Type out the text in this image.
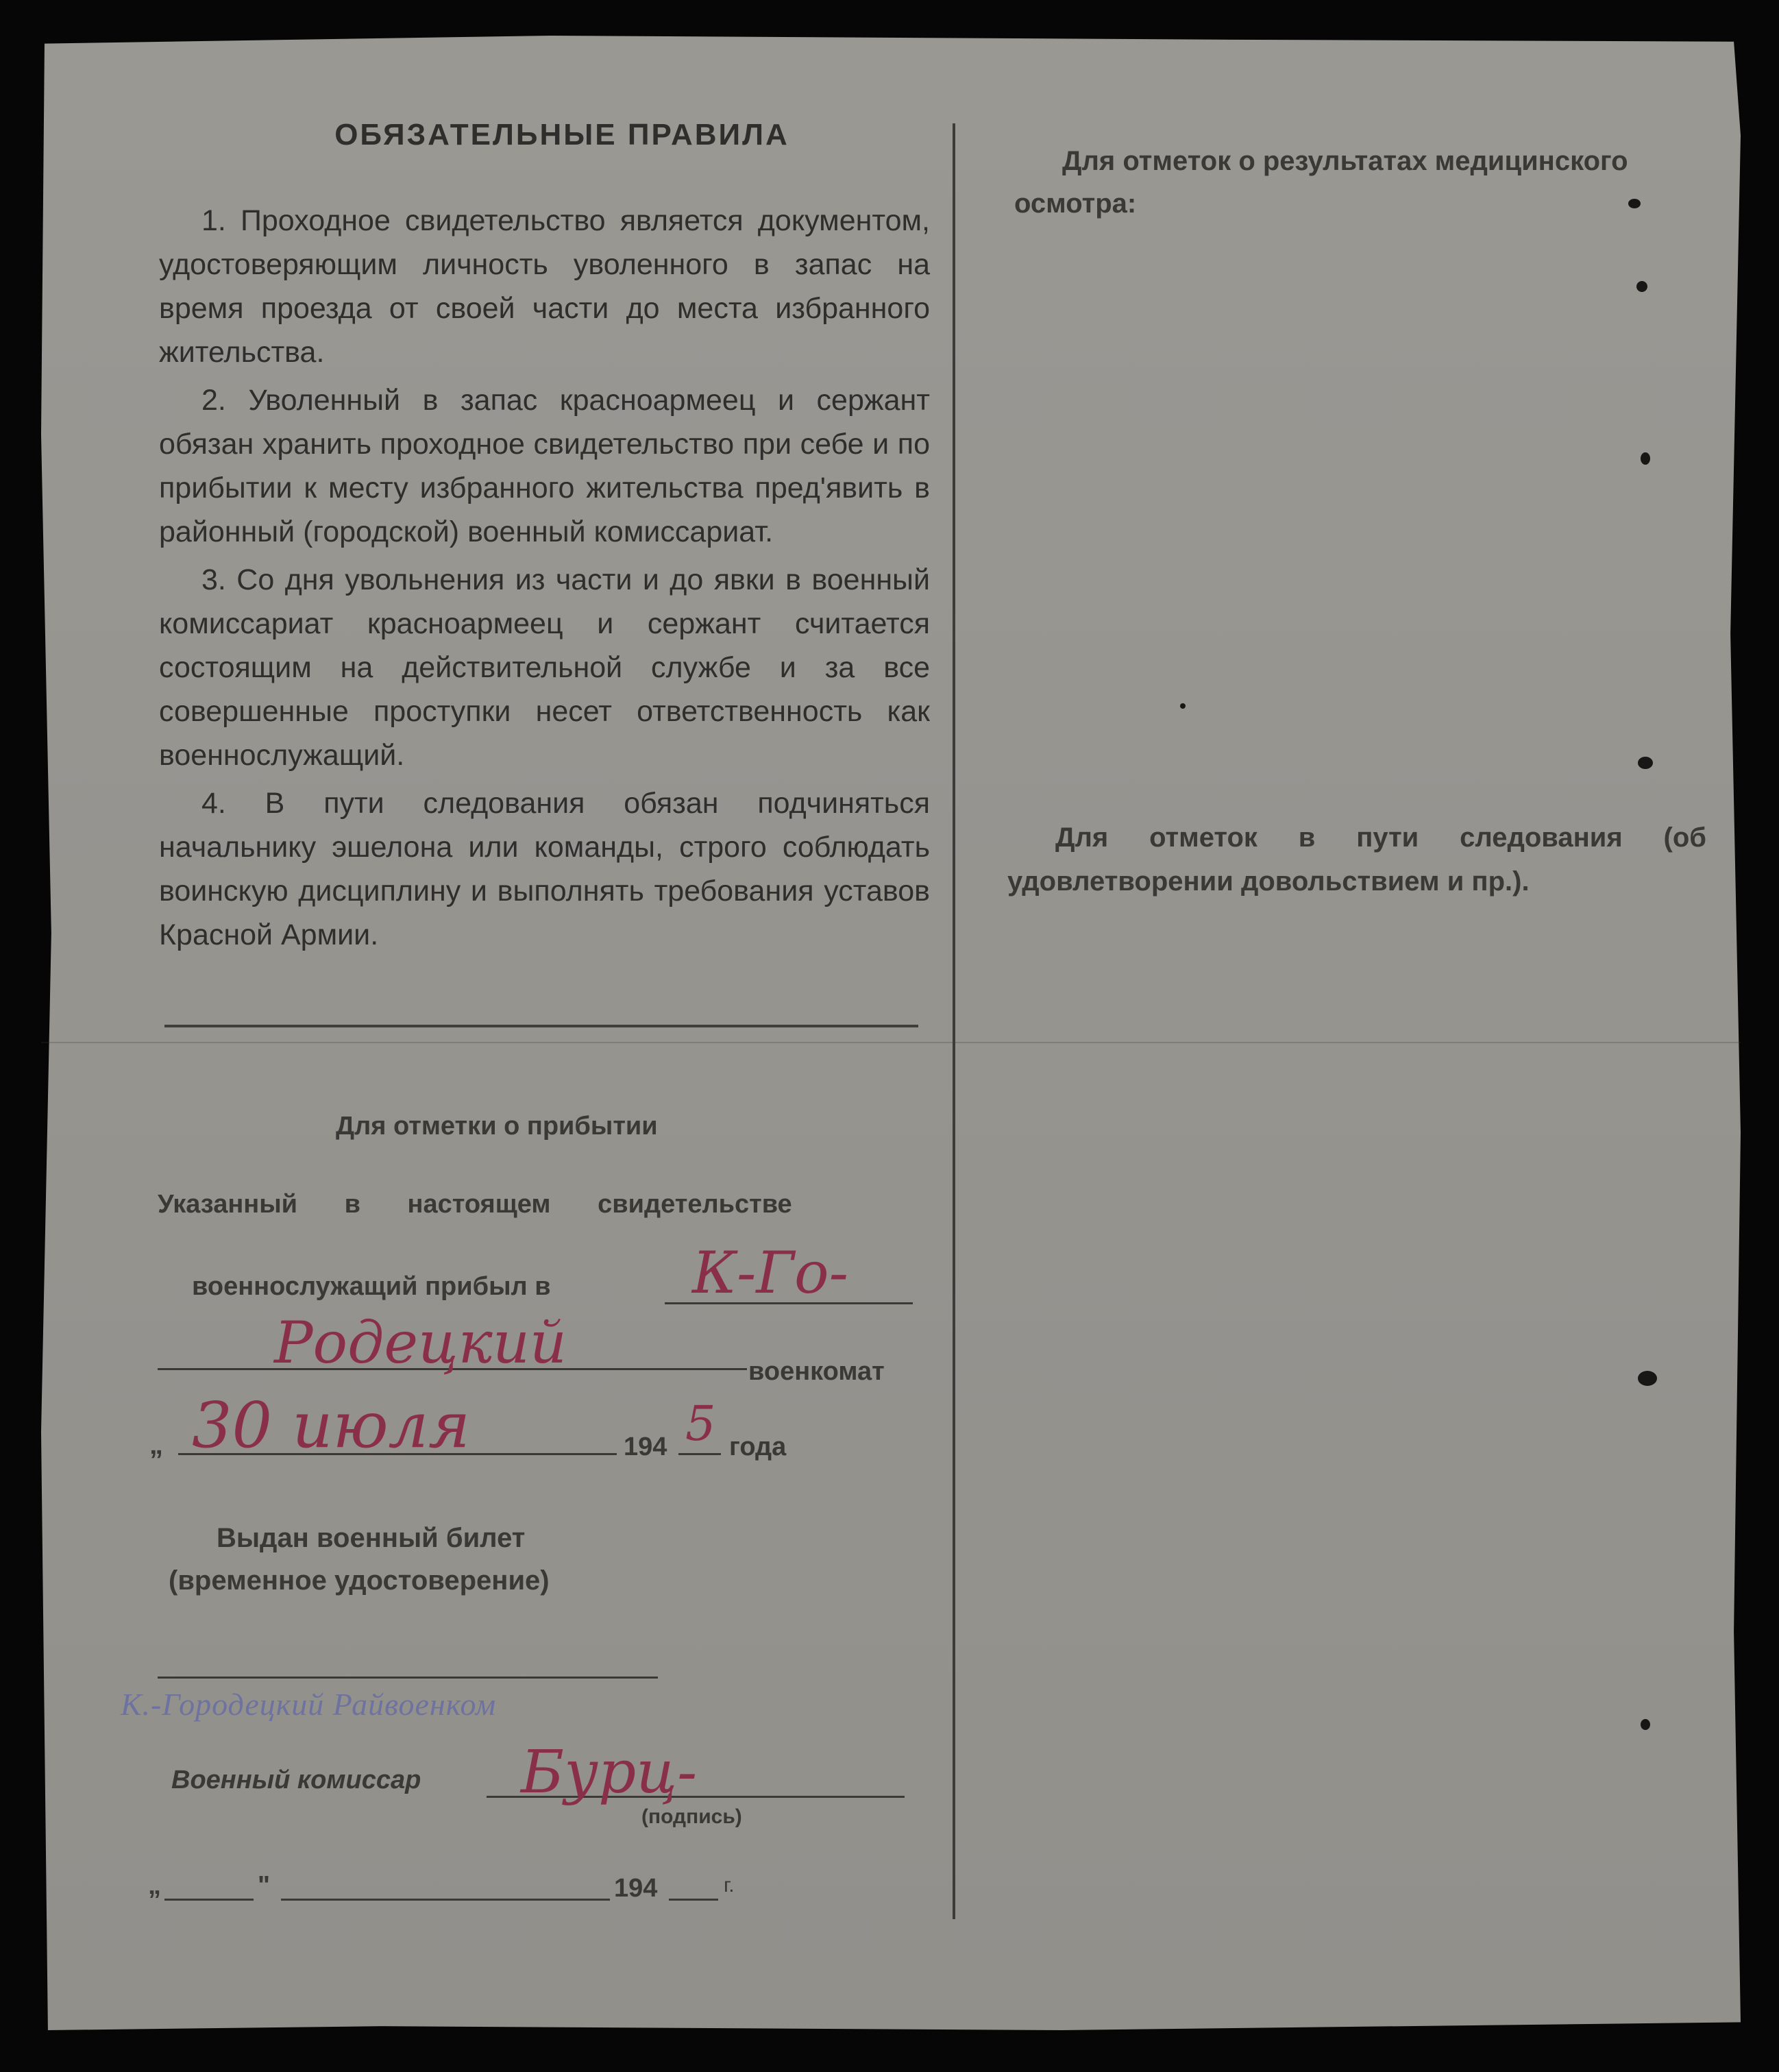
ОБЯЗАТЕЛЬНЫЕ ПРАВИЛА

1. Проходное свидетельство является документом, удостоверяющим личность уволенного в запас на время проезда от своей части до места избранного жительства.

2. Уволенный в запас красноармеец и сержант обязан хранить проходное свидетельство при себе и по прибытии к месту избранного жительства пред'явить в районный (городской) военный комиссариат.

3. Со дня увольнения из части и до явки в военный комиссариат красноармеец и сержант считается состоящим на действительной службе и за все совершенные проступки несет ответственность как военнослужащий.

4. В пути следования обязан подчиняться начальнику эшелона или команды, строго соблюдать воинскую дисциплину и выполнять требования уставов Красной Армии.

Для отметок о результатах медицинского осмотра:

Для отметок в пути следования (об удовлетворении довольствием и пр.).

Для отметки о прибытии

Указанный в настоящем свидетельстве

военнослужащий прибыл в К-Го-

Родецкий	военкомат

„ 30 июля	194 5 года

Выдан военный билет

(временное удостоверение)

К.-Городецкий Райвоенком

Военный комиссар Бурц-

(подпись)

„	"	194	г.
